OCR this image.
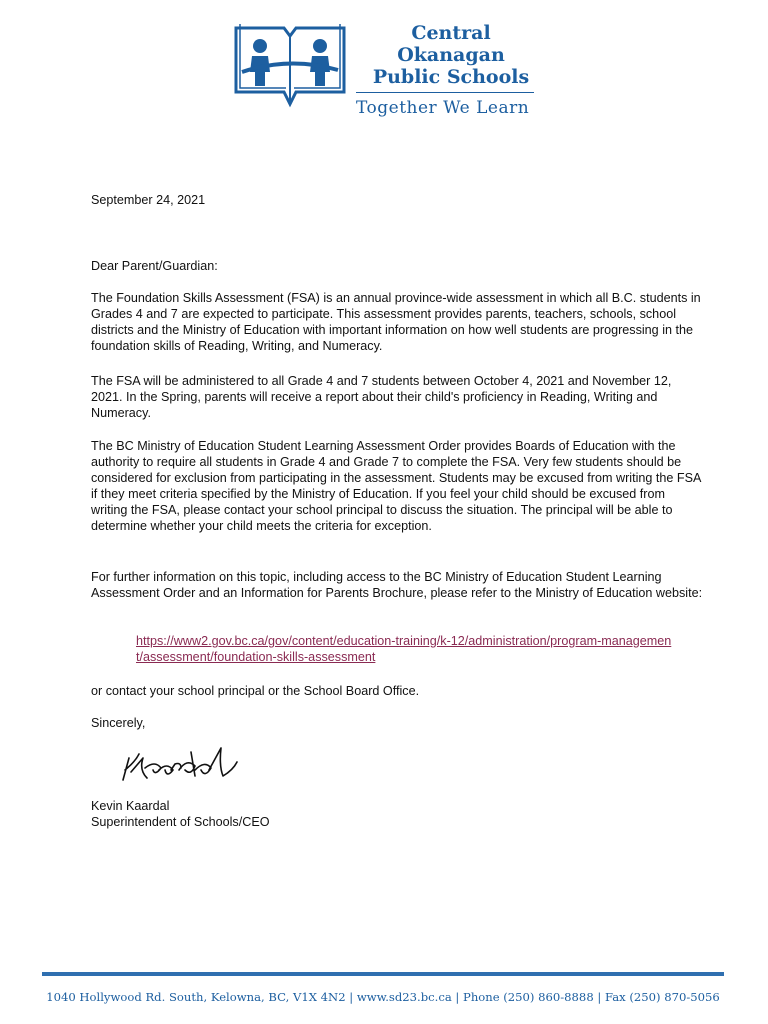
Central Okanagan
Public Schools
Together We Learn

September 24, 2021

Dear Parent/Guardian:

The Foundation Skills Assessment (FSA) is an annual province-wide assessment in which all B.C. students in Grades 4 and 7 are expected to participate. This assessment provides parents, teachers, schools, school districts and the Ministry of Education with important information on how well students are progressing in the foundation skills of Reading, Writing, and Numeracy.

The FSA will be administered to all Grade 4 and 7 students between October 4, 2021 and November 12, 2021. In the Spring, parents will receive a report about their child's proficiency in Reading, Writing and Numeracy.

The BC Ministry of Education Student Learning Assessment Order provides Boards of Education with the authority to require all students in Grade 4 and Grade 7 to complete the FSA. Very few students should be considered for exclusion from participating in the assessment. Students may be excused from writing the FSA if they meet criteria specified by the Ministry of Education. If you feel your child should be excused from writing the FSA, please contact your school principal to discuss the situation. The principal will be able to determine whether your child meets the criteria for exception.

For further information on this topic, including access to the BC Ministry of Education Student Learning Assessment Order and an Information for Parents Brochure, please refer to the Ministry of Education website:

https://www2.gov.bc.ca/gov/content/education-training/k-12/administration/program-management/assessment/foundation-skills-assessment

or contact your school principal or the School Board Office.

Sincerely,

Kevin Kaardal

Superintendent of Schools/CEO

1040 Hollywood Rd. South, Kelowna, BC, V1X 4N2 | www.sd23.bc.ca | Phone (250) 860-8888 | Fax (250) 870-5056
